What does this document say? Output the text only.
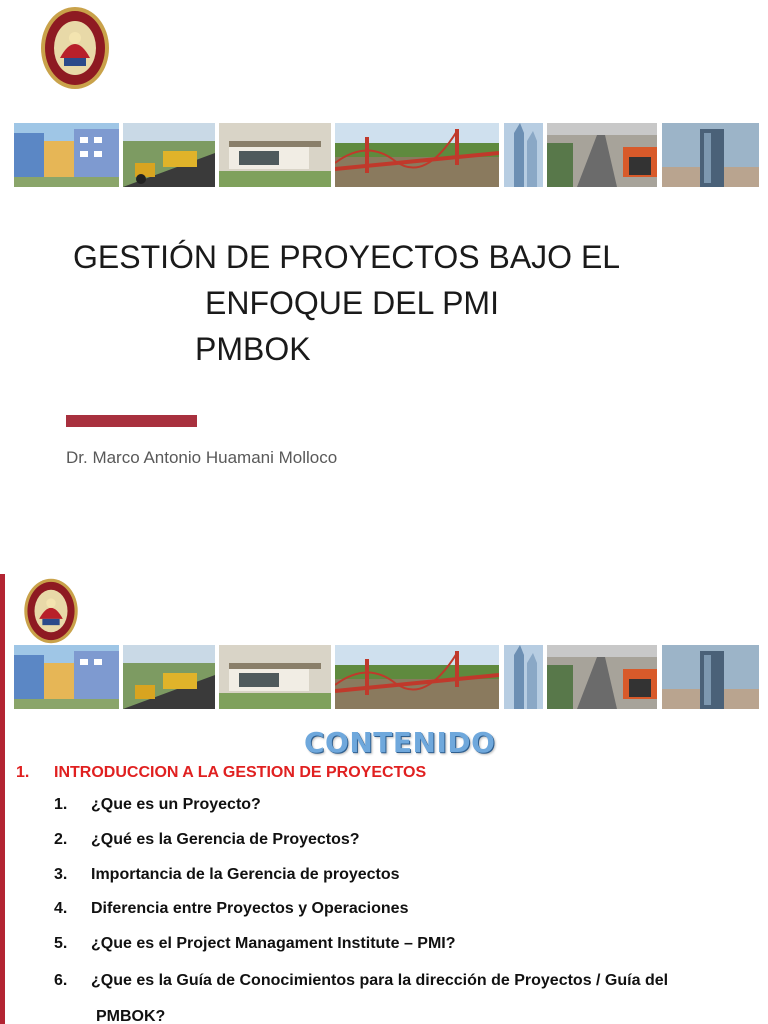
GESTIÓN DE PROYECTOS BAJO EL
ENFOQUE DEL PMI
PMBOK
Dr. Marco Antonio Huamani Molloco
CONTENIDO
1. INTRODUCCION A LA GESTION DE PROYECTOS
1. ¿Que es un Proyecto?
2. ¿Qué es la Gerencia de Proyectos?
3. Importancia de la Gerencia de proyectos
4. Diferencia entre Proyectos y Operaciones
5. ¿Que es el Project Managament Institute – PMI?
6. ¿Que es la Guía de Conocimientos para la dirección de Proyectos / Guía del
PMBOK?
